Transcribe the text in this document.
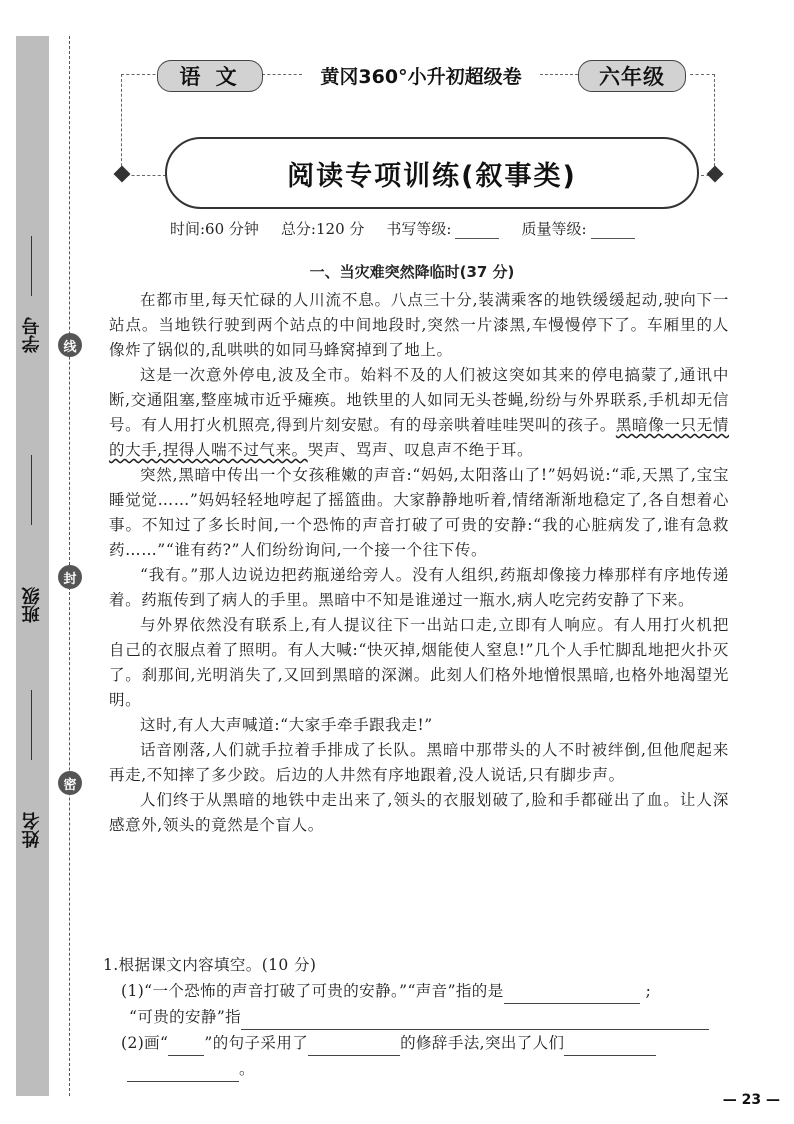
学号
班级
姓名
线
封
密
语 文	黄冈360°小升初超级卷	六年级
阅读专项训练(叙事类)
时间:60 分钟 总分:120 分 书写等级:	质量等级:
一、当灾难突然降临时(37 分)

在都市里,每天忙碌的人川流不息。八点三十分,装满乘客的地铁缓缓起动,驶向下一站点。当地铁行驶到两个站点的中间地段时,突然一片漆黑,车慢慢停下了。车厢里的人像炸了锅似的,乱哄哄的如同马蜂窝掉到了地上。

这是一次意外停电,波及全市。始料不及的人们被这突如其来的停电搞蒙了,通讯中断,交通阻塞,整座城市近乎瘫痪。地铁里的人如同无头苍蝇,纷纷与外界联系,手机却无信号。有人用打火机照亮,得到片刻安慰。有的母亲哄着哇哇哭叫的孩子。黑暗像一只无情的大手,捏得人喘不过气来。哭声、骂声、叹息声不绝于耳。

突然,黑暗中传出一个女孩稚嫩的声音:“妈妈,太阳落山了!”妈妈说:“乖,天黑了,宝宝睡觉觉……”妈妈轻轻地哼起了摇篮曲。大家静静地听着,情绪渐渐地稳定了,各自想着心事。不知过了多长时间,一个恐怖的声音打破了可贵的安静:“我的心脏病发了,谁有急救药……”“谁有药?”人们纷纷询问,一个接一个往下传。

“我有。”那人边说边把药瓶递给旁人。没有人组织,药瓶却像接力棒那样有序地传递着。药瓶传到了病人的手里。黑暗中不知是谁递过一瓶水,病人吃完药安静了下来。

与外界依然没有联系上,有人提议往下一出站口走,立即有人响应。有人用打火机把自己的衣服点着了照明。有人大喊:“快灭掉,烟能使人窒息!”几个人手忙脚乱地把火扑灭了。刹那间,光明消失了,又回到黑暗的深渊。此刻人们格外地憎恨黑暗,也格外地渴望光明。

这时,有人大声喊道:“大家手牵手跟我走!”

话音刚落,人们就手拉着手排成了长队。黑暗中那带头的人不时被绊倒,但他爬起来再走,不知摔了多少跤。后边的人井然有序地跟着,没人说话,只有脚步声。

人们终于从黑暗的地铁中走出来了,领头的衣服划破了,脸和手都碰出了血。让人深感意外,领头的竟然是个盲人。

1.根据课文内容填空。(10 分)
(1)“一个恐怖的声音打破了可贵的安静。”“声音”指的是	;
“可贵的安静”指
(2)画“ ”的句子采用了	的修辞手法,突出了人们
。
— 23 —
